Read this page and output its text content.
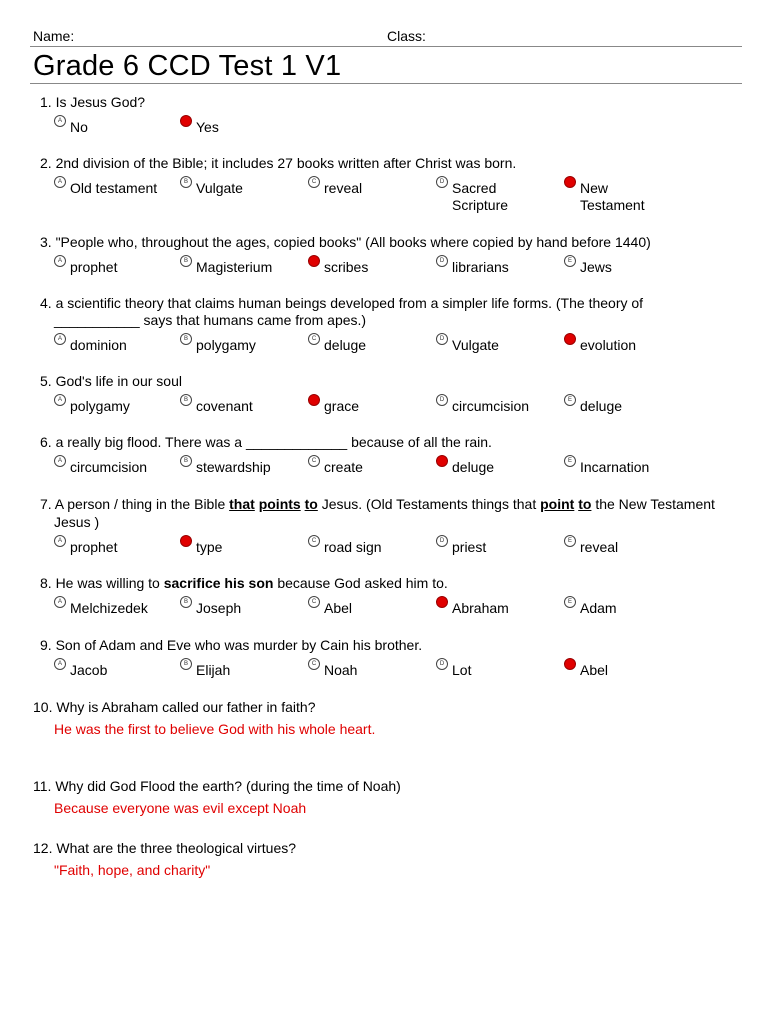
Name:	Class:
Grade 6 CCD Test 1 V1
1. Is Jesus God?
A No	B Yes
2. 2nd division of the Bible; it includes 27 books written after Christ was born.
A Old testament	B Vulgate	C reveal	D Sacred
Scripture
E New
Testament
3. "People who, throughout the ages, copied books" (All books where copied by hand before 1440)
A prophet	B Magisterium	C scribes	D librarians	E Jews
4. a scientific theory that claims human beings developed from a simpler life forms. (The theory of
___________ says that humans came from apes.)
A dominion	B polygamy	C deluge	D Vulgate	E evolution
5. God's life in our soul
A polygamy	B covenant	C grace	D circumcision	E deluge
6. a really big flood. There was a _____________ because of all the rain.
A circumcision	B stewardship	C create	D deluge	E Incarnation
7. A person / thing in the Bible that points to Jesus. (Old Testaments things that point to the New Testament
Jesus )
A prophet	B type	C road sign	D priest	E reveal
8. He was willing to sacrifice his son because God asked him to.
A Melchizedek	B Joseph	C Abel	D Abraham	E Adam
9. Son of Adam and Eve who was murder by Cain his brother.
A Jacob	B Elijah	C Noah	D Lot	E Abel
10. Why is Abraham called our father in faith?
He was the first to believe God with his whole heart.
11. Why did God Flood the earth? (during the time of Noah)
Because everyone was evil except Noah
12. What are the three theological virtues?
"Faith, hope, and charity"
